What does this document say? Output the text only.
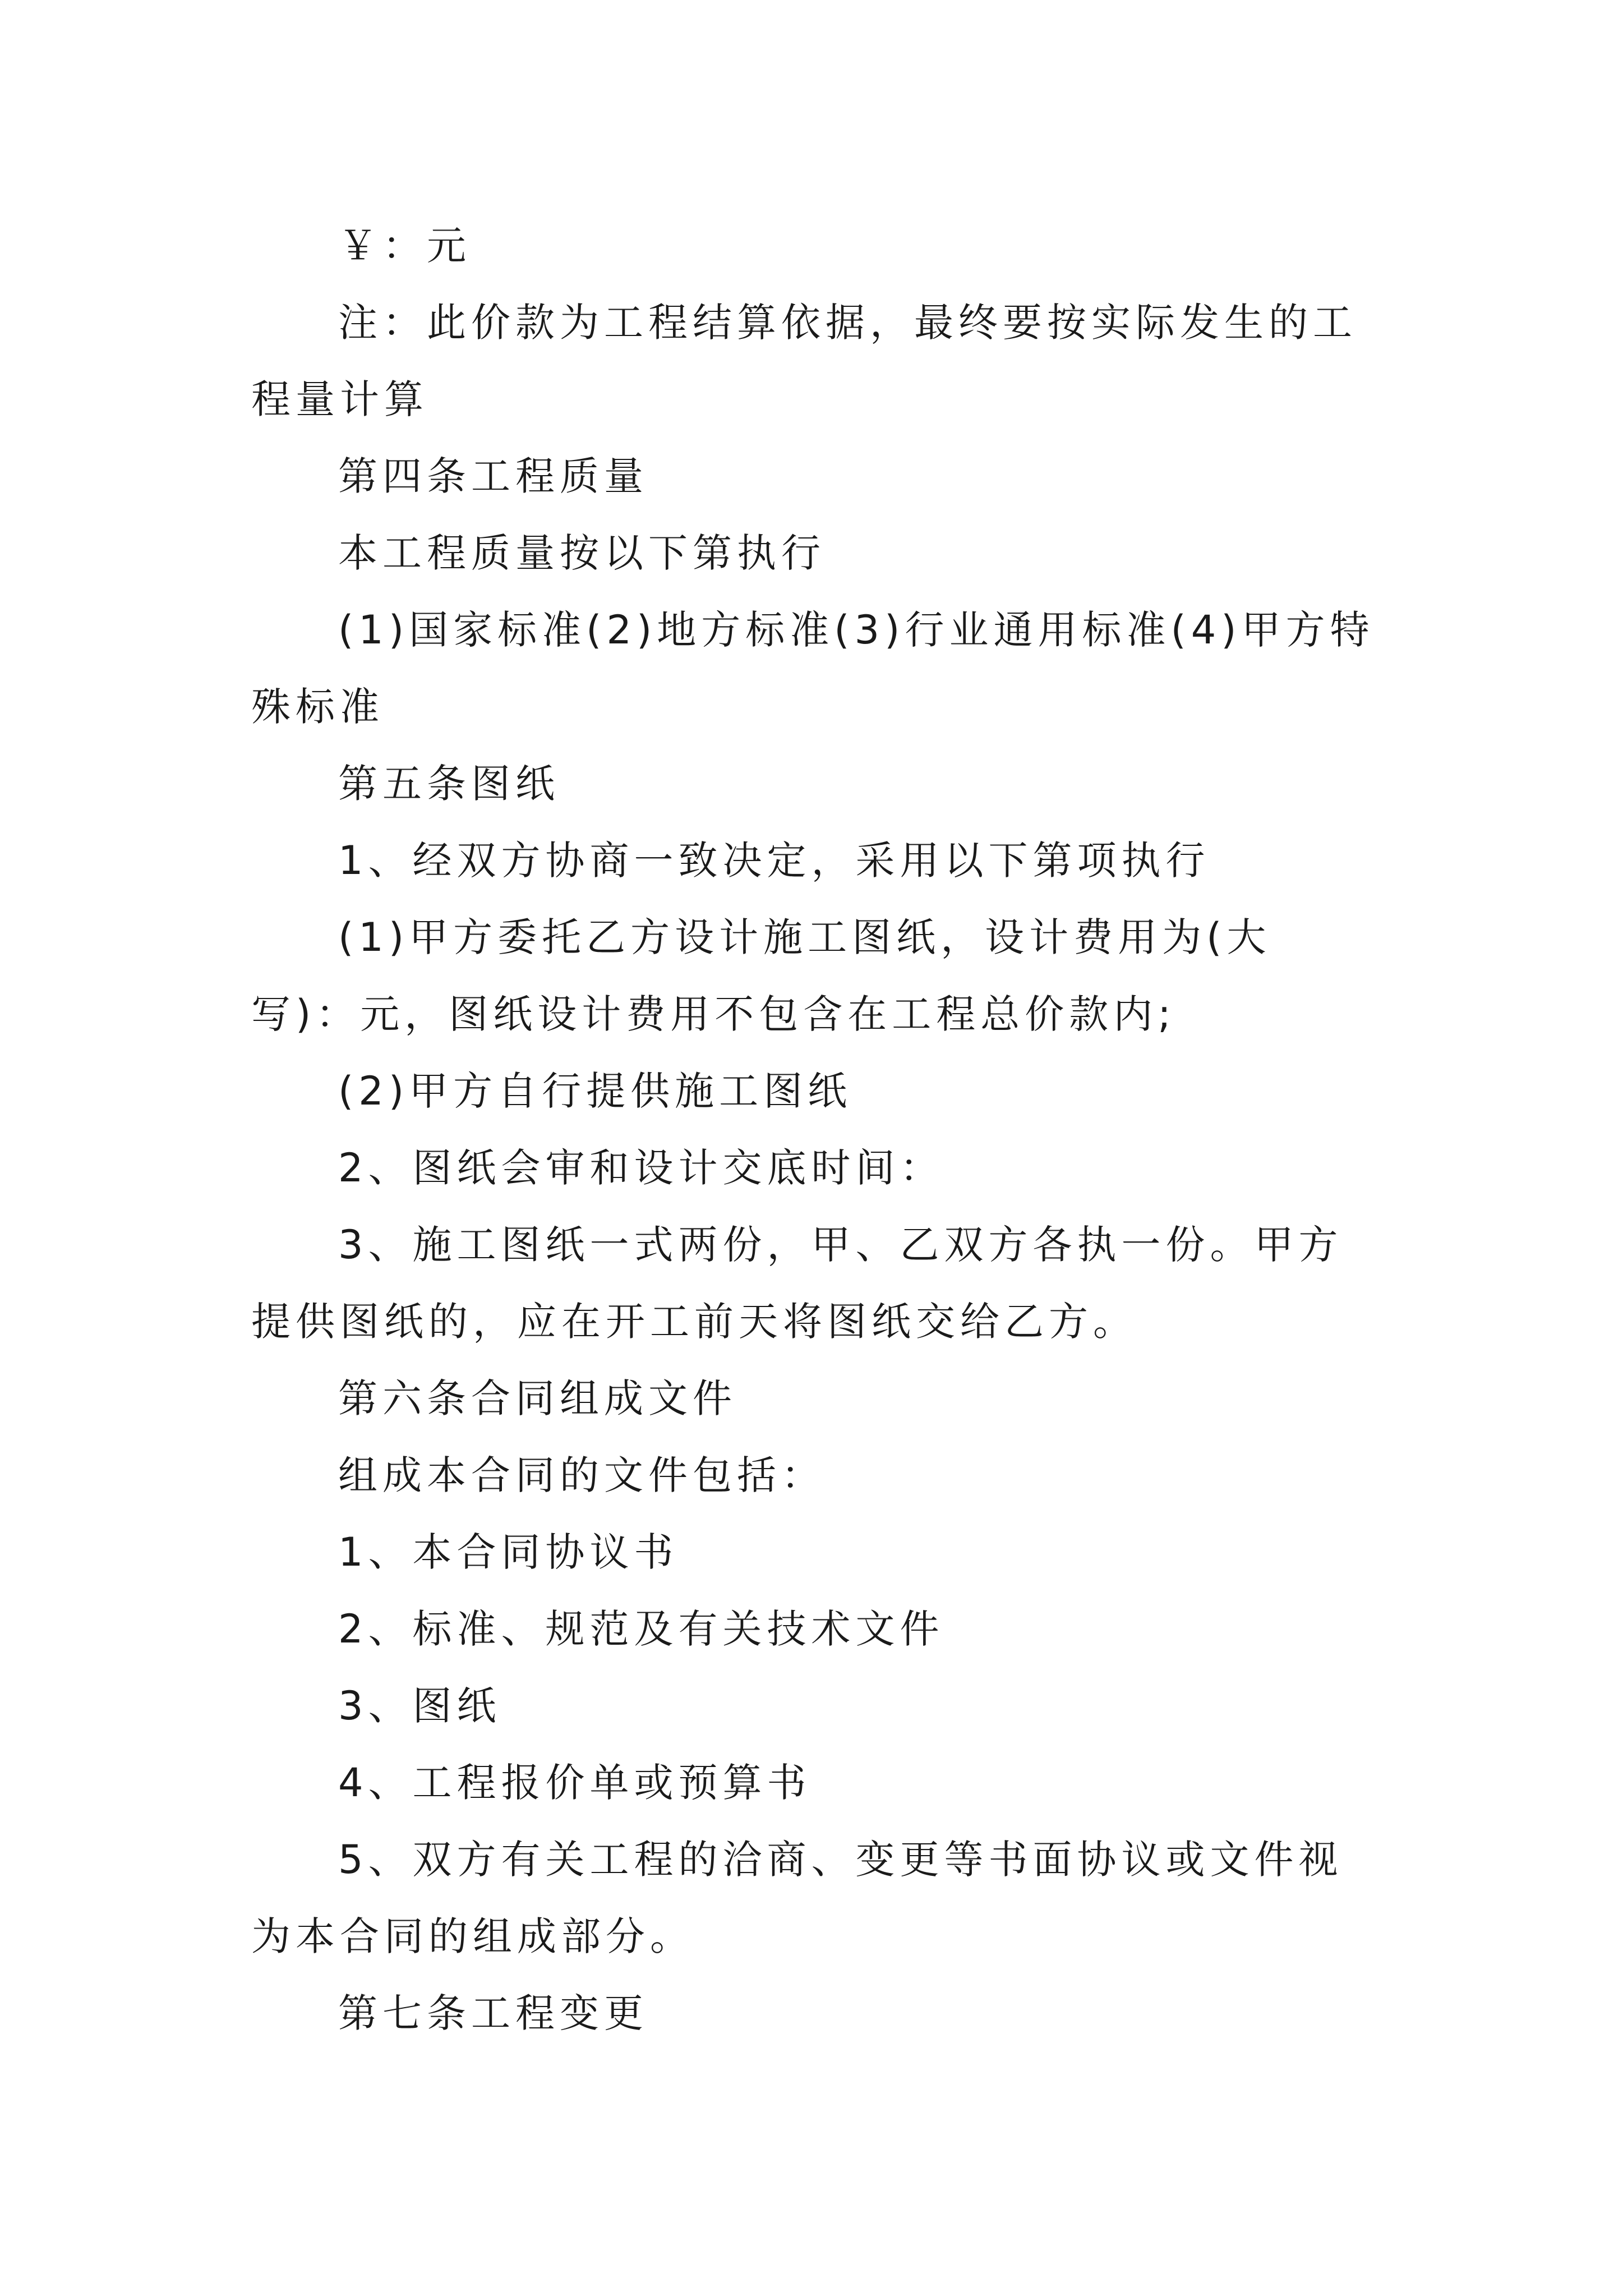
￥：元

注：此价款为工程结算依据，最终要按实际发生的工程量计算

第四条工程质量

本工程质量按以下第执行

(1)国家标准(2)地方标准(3)行业通用标准(4)甲方特殊标准

第五条图纸

1、经双方协商一致决定，采用以下第项执行

(1)甲方委托乙方设计施工图纸，设计费用为(大写)：元，图纸设计费用不包含在工程总价款内;

(2)甲方自行提供施工图纸

2、图纸会审和设计交底时间：

3、施工图纸一式两份，甲、乙双方各执一份。甲方提供图纸的，应在开工前天将图纸交给乙方。

第六条合同组成文件

组成本合同的文件包括：

1、本合同协议书

2、标准、规范及有关技术文件

3、图纸

4、工程报价单或预算书

5、双方有关工程的洽商、变更等书面协议或文件视为本合同的组成部分。

第七条工程变更
